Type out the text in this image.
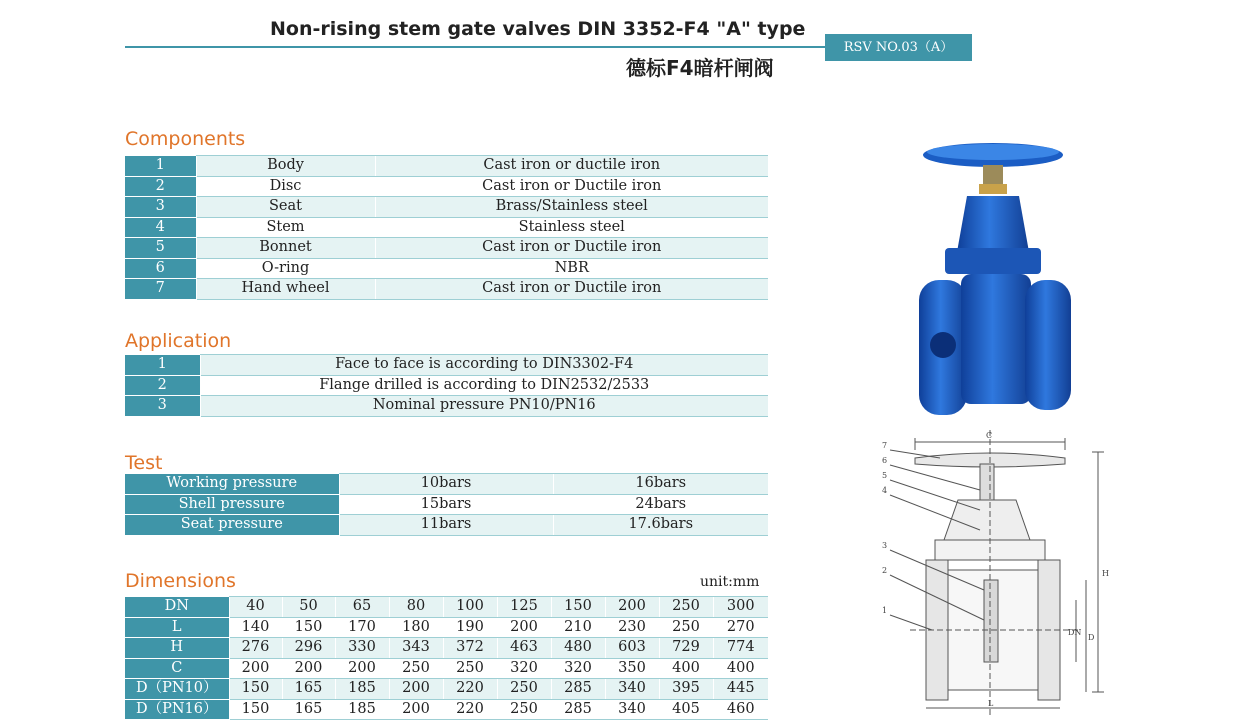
Non-rising stem gate valves DIN 3352-F4 "A" type
德标F4暗杆闸阀
RSV NO.03（A）
Components
1	Body	Cast iron or ductile iron
2	Disc	Cast iron or Ductile iron
3	Seat	Brass/Stainless steel
4	Stem	Stainless steel
5	Bonnet	Cast iron or Ductile iron
6	O-ring	NBR
7	Hand wheel	Cast iron or Ductile iron
Application
1	Face to face is according to DIN3302-F4
2	Flange drilled is according to DIN2532/2533
3	Nominal pressure PN10/PN16
Test
Working pressure	10bars	16bars
Shell pressure	15bars	24bars
Seat pressure	11bars	17.6bars
Dimensions	unit:mm
DN	40	50	65	80	100	125	150	200	250	300
L	140	150	170	180	190	200	210	230	250	270
H	276	296	330	343	372	463	480	603	729	774
C	200	200	200	250	250	320	320	350	400	400
D（PN10）	150	165	185	200	220	250	285	340	395	445
D（PN16）	150	165	185	200	220	250	285	340	405	460
C
H
DN
D
L
7
6
5
4
3
2
1
